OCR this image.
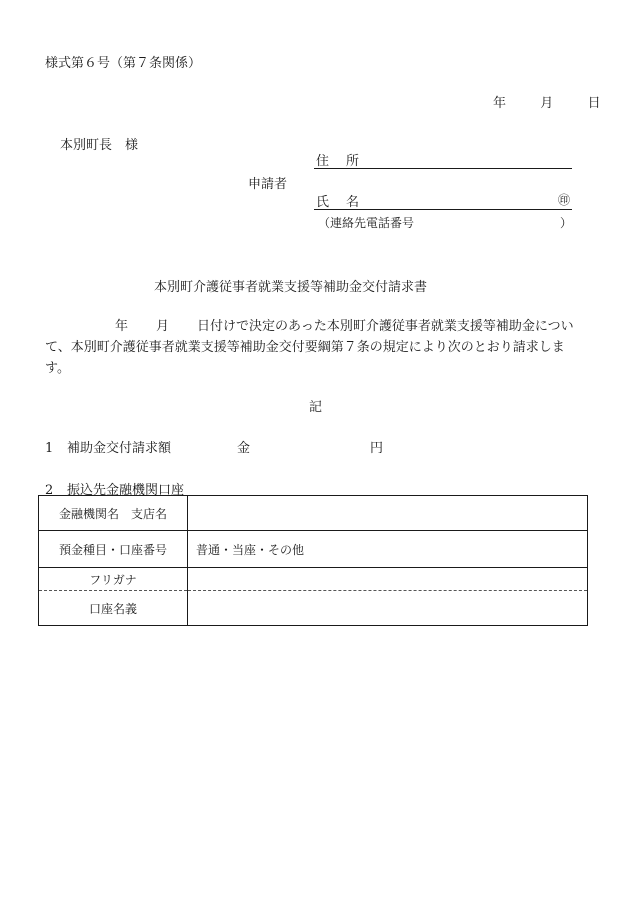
様式第６号（第７条関係）
年	月	日
本別町長　様
申請者
住　所
氏　名	㊞
（連絡先電話番号	）
本別町介護従事者就業支援等補助金交付請求書
年 月 日付けで決定のあった本別町介護従事者就業支援等補助金について、本別町介護従事者就業支援等補助金交付要綱第７条の規定により次のとおり請求します。
記
1 補助金交付請求額	金	円
2 振込先金融機関口座
金融機関名　支店名	
預金種目・口座番号	普通・当座・その他
フリガナ	
口座名義	
